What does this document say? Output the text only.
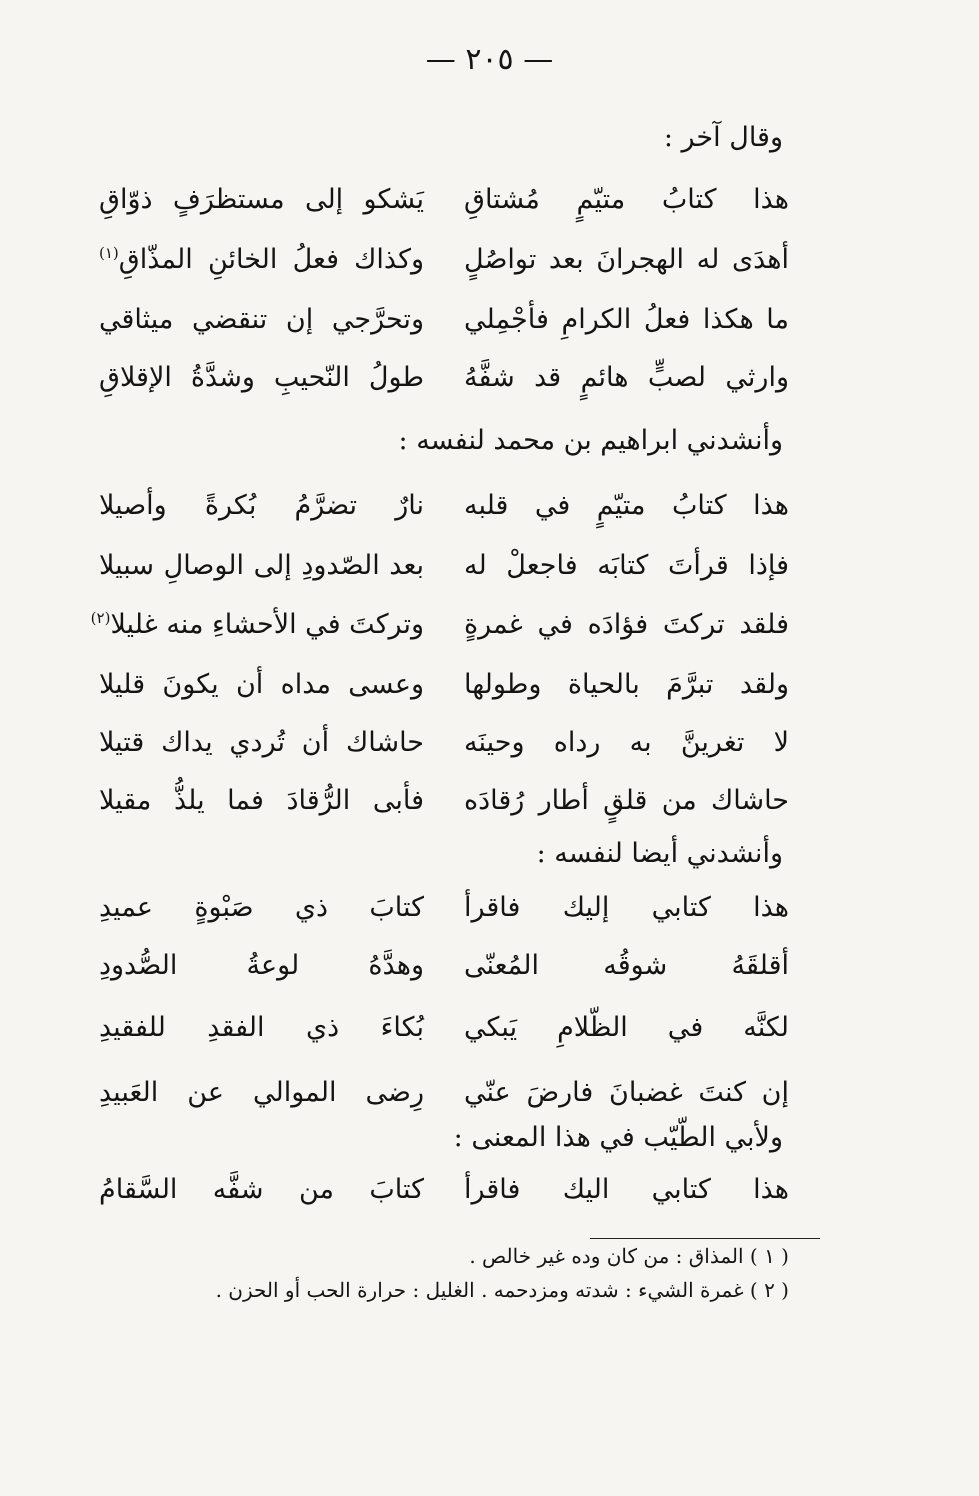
— ٢٠٥ —
وقال آخر :
هذا كتابُ متيّمٍ مُشتاقِ
يَشكو إلى مستظرَفٍ ذوّاقِ
أهدَى له الهجرانَ بعد تواصُلٍ
وكذاك فعلُ الخائنِ المذّاقِ$^{(١)}$
ما هكذا فعلُ الكرامِ فأجْمِلي
وتحرَّجي إن تنقضي ميثاقي
وارثي لصبٍّ هائمٍ قد شفَّهُ
طولُ النّحيبِ وشدَّةُ الإقلاقِ
وأنشدني ابراهيم بن محمد لنفسه :
هذا كتابُ متيّمٍ في قلبه
نارٌ تضرَّمُ بُكرةً وأصيلا
فإذا قرأتَ كتابَه فاجعلْ له
بعد الصّدودِ إلى الوصالِ سبيلا
فلقد تركتَ فؤادَه في غمرةٍ
وتركتَ في الأحشاءِ منه غليلا$^{(٢)}$
ولقد تبرَّمَ بالحياة وطولها
وعسى مداه أن يكونَ قليلا
لا تغرينَّ به رداه وحينَه
حاشاك أن تُردي يداك قتيلا
حاشاك من قلقٍ أطار رُقادَه
فأبى الرُّقادَ فما يلذُّ مقيلا
وأنشدني أيضا لنفسه :
هذا كتابي إليك فاقرأ
كتابَ ذي صَبْوةٍ عميدِ
أقلقَهُ شوقُه المُعنّى
وهدَّهُ لوعةُ الصُّدودِ
لكنَّه في الظّلامِ يَبكي
بُكاءَ ذي الفقدِ للفقيدِ
إن كنتَ غضبانَ فارضَ عنّي
رِضى الموالي عن العَبيدِ
ولأبي الطّيّب في هذا المعنى :
هذا كتابي اليك فاقرأ
كتابَ من شفَّه السَّقامُ
( ١ ) المذاق : من كان وده غير خالص .
( ٢ ) غمرة الشيء : شدته ومزدحمه . الغليل : حرارة الحب أو الحزن .
